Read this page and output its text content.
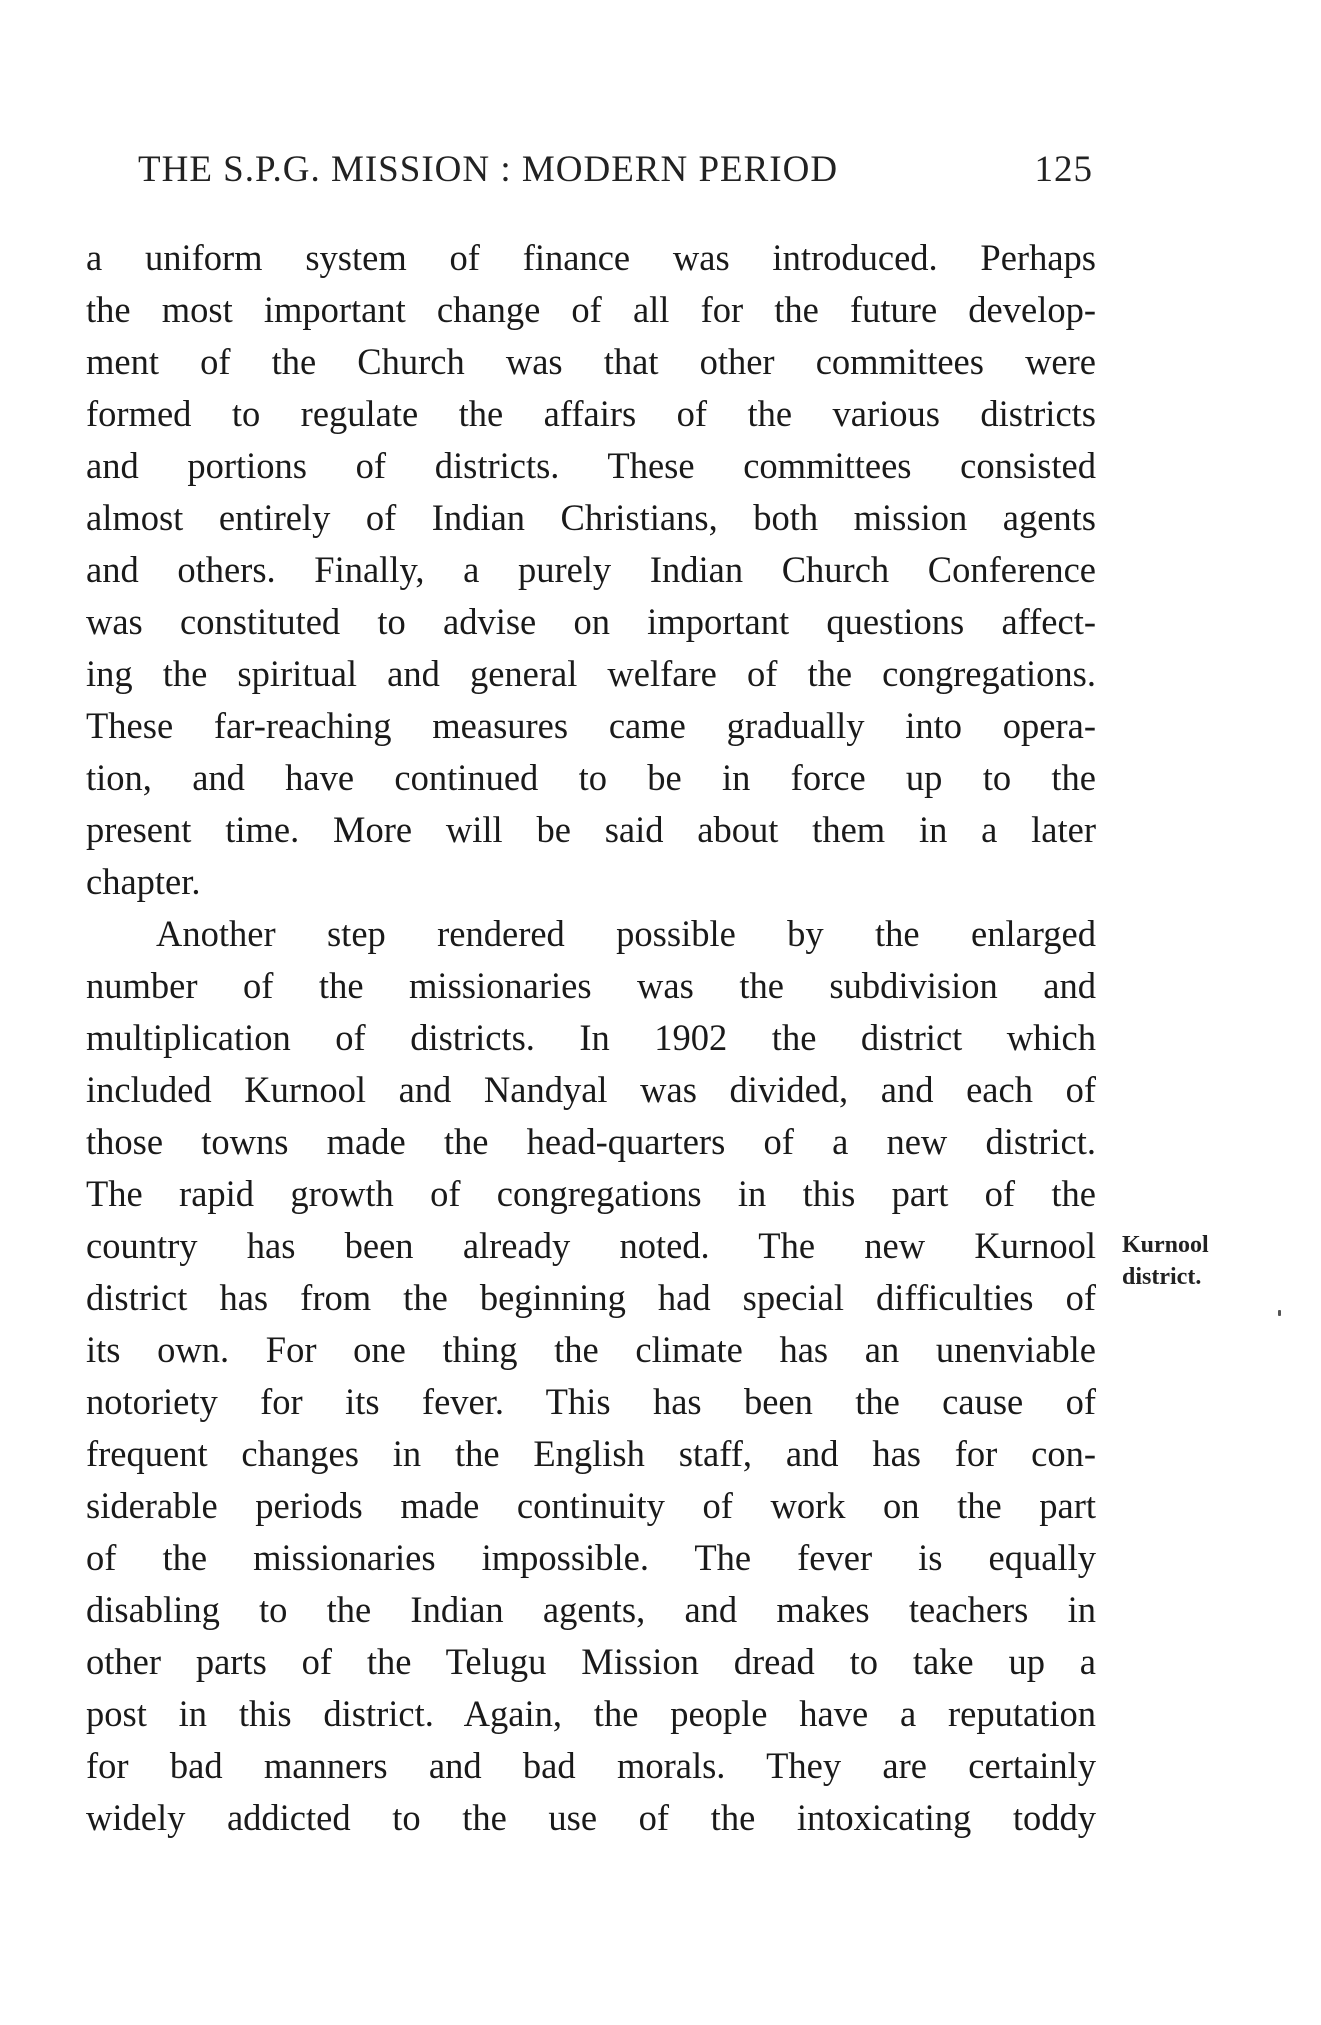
THE S.P.G. MISSION : MODERN PERIOD	125
a uniform system of finance was introduced. Perhaps
the most important change of all for the future develop-
ment of the Church was that other committees were
formed to regulate the affairs of the various districts
and portions of districts. These committees consisted
almost entirely of Indian Christians, both mission agents
and others. Finally, a purely Indian Church Conference
was constituted to advise on important questions affect-
ing the spiritual and general welfare of the congregations.
These far-reaching measures came gradually into opera-
tion, and have continued to be in force up to the
present time. More will be said about them in a later
chapter.
Another step rendered possible by the enlarged
number of the missionaries was the subdivision and
multiplication of districts. In 1902 the district which
included Kurnool and Nandyal was divided, and each of
those towns made the head-quarters of a new district.
The rapid growth of congregations in this part of the
country has been already noted. The new Kurnool
district has from the beginning had special difficulties of
its own. For one thing the climate has an unenviable
notoriety for its fever. This has been the cause of
frequent changes in the English staff, and has for con-
siderable periods made continuity of work on the part
of the missionaries impossible. The fever is equally
disabling to the Indian agents, and makes teachers in
other parts of the Telugu Mission dread to take up a
post in this district. Again, the people have a reputation
for bad manners and bad morals. They are certainly
widely addicted to the use of the intoxicating toddy
Kurnool
district.
